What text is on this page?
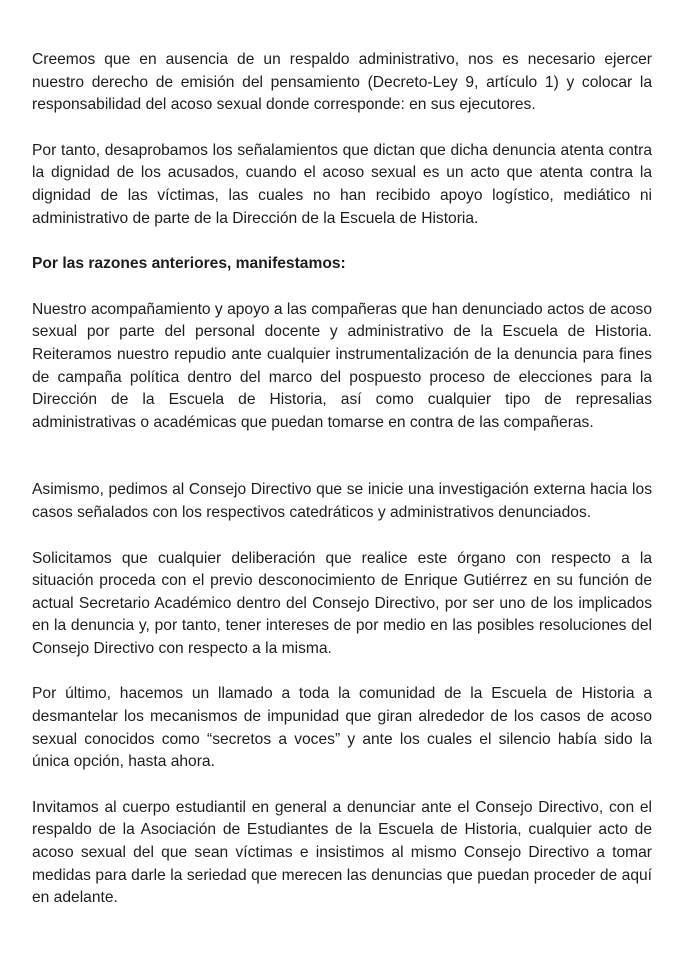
Creemos que en ausencia de un respaldo administrativo, nos es necesario ejercer nuestro derecho de emisión del pensamiento (Decreto-Ley 9, artículo 1) y colocar la responsabilidad del acoso sexual donde corresponde: en sus ejecutores.

Por tanto, desaprobamos los señalamientos que dictan que dicha denuncia atenta contra la dignidad de los acusados, cuando el acoso sexual es un acto que atenta contra la dignidad de las víctimas, las cuales no han recibido apoyo logístico, mediático ni administrativo de parte de la Dirección de la Escuela de Historia.

Por las razones anteriores, manifestamos:

Nuestro acompañamiento y apoyo a las compañeras que han denunciado actos de acoso sexual por parte del personal docente y administrativo de la Escuela de Historia. Reiteramos nuestro repudio ante cualquier instrumentalización de la denuncia para fines de campaña política dentro del marco del pospuesto proceso de elecciones para la Dirección de la Escuela de Historia, así como cualquier tipo de represalias administrativas o académicas que puedan tomarse en contra de las compañeras.

Asimismo, pedimos al Consejo Directivo que se inicie una investigación externa hacia los casos señalados con los respectivos catedráticos y administrativos denunciados.

Solicitamos que cualquier deliberación que realice este órgano con respecto a la situación proceda con el previo desconocimiento de Enrique Gutiérrez en su función de actual Secretario Académico dentro del Consejo Directivo, por ser uno de los implicados en la denuncia y, por tanto, tener intereses de por medio en las posibles resoluciones del Consejo Directivo con respecto a la misma.

Por último, hacemos un llamado a toda la comunidad de la Escuela de Historia a desmantelar los mecanismos de impunidad que giran alrededor de los casos de acoso sexual conocidos como “secretos a voces” y ante los cuales el silencio había sido la única opción, hasta ahora.

Invitamos al cuerpo estudiantil en general a denunciar ante el Consejo Directivo, con el respaldo de la Asociación de Estudiantes de la Escuela de Historia, cualquier acto de acoso sexual del que sean víctimas e insistimos al mismo Consejo Directivo a tomar medidas para darle la seriedad que merecen las denuncias que puedan proceder de aquí en adelante.
